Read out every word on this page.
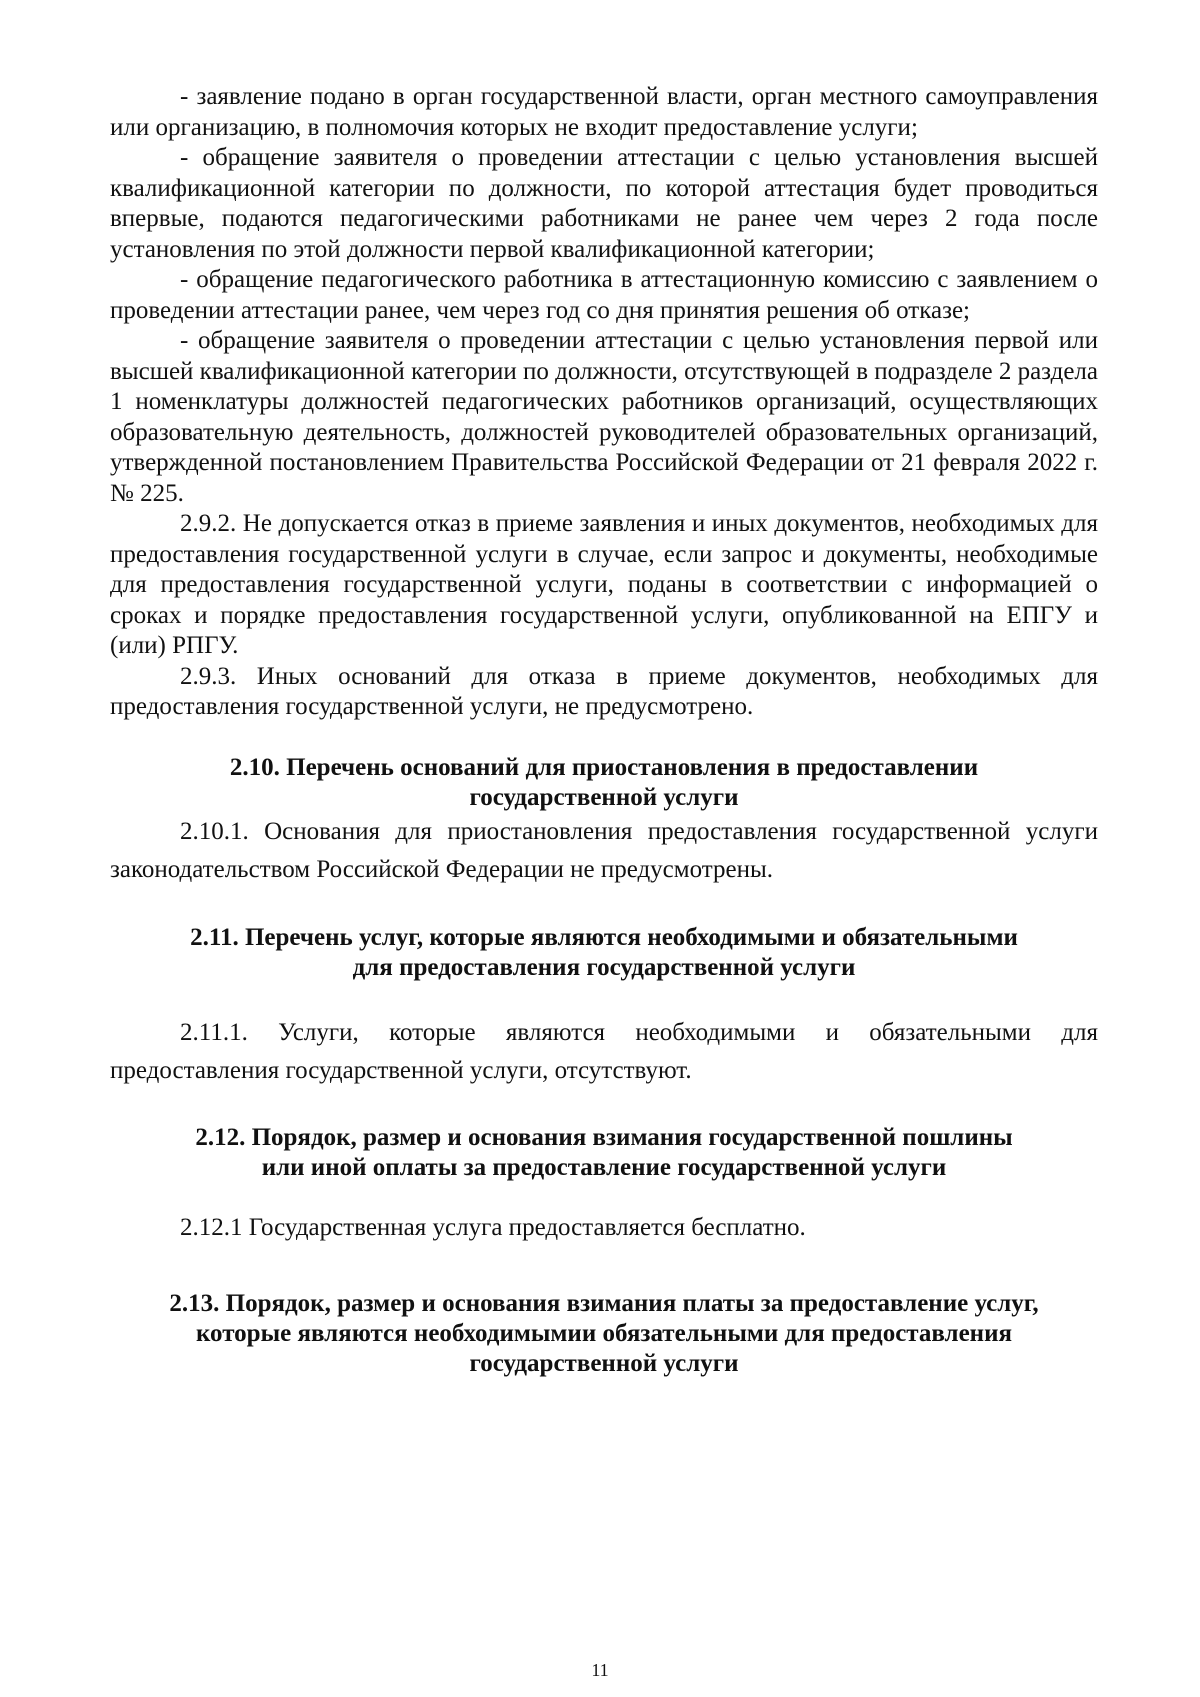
- заявление подано в орган государственной власти, орган местного самоуправления или организацию, в полномочия которых не входит предоставление услуги;

- обращение заявителя о проведении аттестации с целью установления высшей квалификационной категории по должности, по которой аттестация будет проводиться впервые, подаются педагогическими работниками не ранее чем через 2 года после установления по этой должности первой квалификационной категории;

- обращение педагогического работника в аттестационную комиссию с заявлением о проведении аттестации ранее, чем через год со дня принятия решения об отказе;

- обращение заявителя о проведении аттестации с целью установления первой или высшей квалификационной категории по должности, отсутствующей в подразделе 2 раздела 1 номенклатуры должностей педагогических работников организаций, осуществляющих образовательную деятельность, должностей руководителей образовательных организаций, утвержденной постановлением Правительства Российской Федерации от 21 февраля 2022 г. № 225.

2.9.2. Не допускается отказ в приеме заявления и иных документов, необходимых для предоставления государственной услуги в случае, если запрос и документы, необходимые для предоставления государственной услуги, поданы в соответствии с информацией о сроках и порядке предоставления государственной услуги, опубликованной на ЕПГУ и (или) РПГУ.

2.9.3. Иных оснований для отказа в приеме документов, необходимых для предоставления государственной услуги, не предусмотрено.

2.10. Перечень оснований для приостановления в предоставлении

государственной услуги

2.10.1. Основания для приостановления предоставления государственной услуги законодательством Российской Федерации не предусмотрены.

2.11. Перечень услуг, которые являются необходимыми и обязательными

для предоставления государственной услуги

2.11.1. Услуги, которые являются необходимыми и обязательными для предоставления государственной услуги, отсутствуют.

2.12. Порядок, размер и основания взимания государственной пошлины

или иной оплаты за предоставление государственной услуги

2.12.1 Государственная услуга предоставляется бесплатно.

2.13. Порядок, размер и основания взимания платы за предоставление услуг,

которые являются необходимымии обязательными для предоставления

государственной услуги

11
